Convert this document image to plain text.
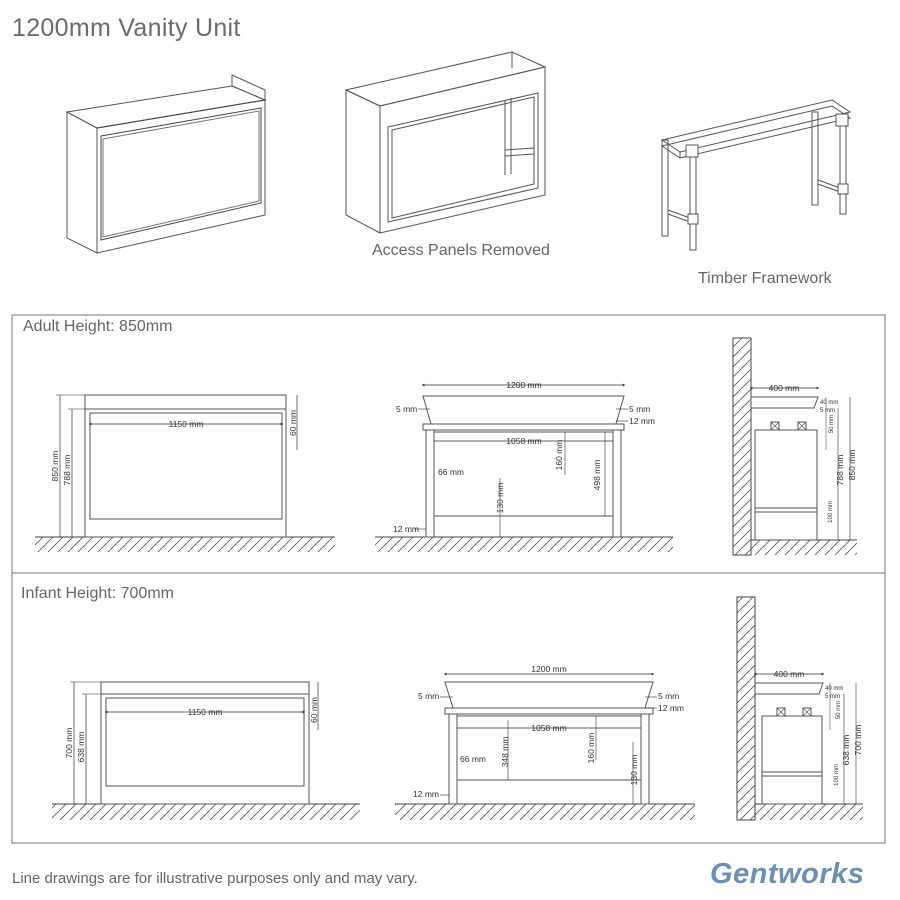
1200mm Vanity Unit
1150 mm
850 mm 788 mm
60 mm
1200 mm
5 mm	5 mm
12 mm
1058 mm
66 mm
160 mm
498 mm
130 mm
12 mm
400 mm
40 mm
5 mm
50 mm
100 mm
788 mm 850 mm
1150 mm
700 mm 638 mm
60 mm
1200 mm
5 mm	5 mm
12 mm
1058 mm
66 mm 348 mm	160 mm
130 mm
12 mm
400 mm
40 mm
5 mm
50 mm
100 mm
638 mm 700 mm
Access Panels Removed
Timber Framework
Adult Height: 850mm
Infant Height: 700mm
Line drawings are for illustrative purposes only and may vary.	Gentworks
